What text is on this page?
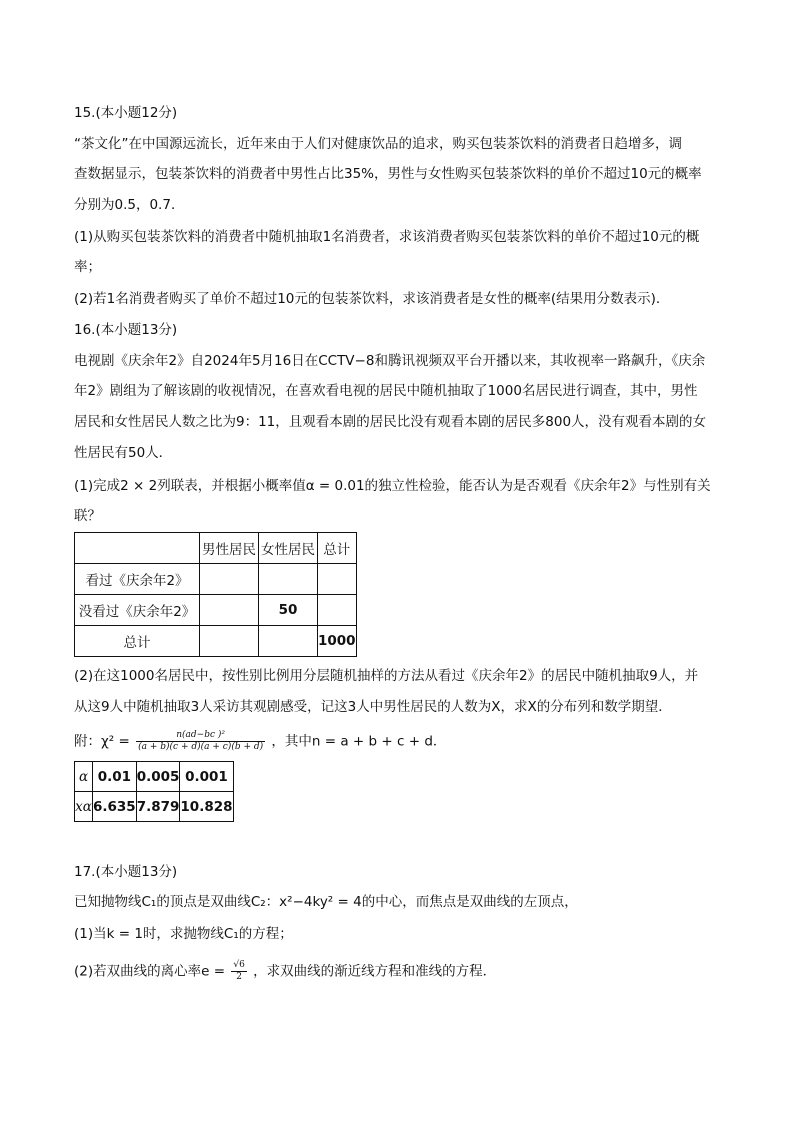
15.(本小题12分)
“茶文化”在中国源远流长，近年来由于人们对健康饮品的追求，购买包装茶饮料的消费者日趋增多，调
查数据显示，包装茶饮料的消费者中男性占比35%，男性与女性购买包装茶饮料的单价不超过10元的概率
分别为0.5，0.7．
(1)从购买包装茶饮料的消费者中随机抽取1名消费者，求该消费者购买包装茶饮料的单价不超过10元的概
率；
(2)若1名消费者购买了单价不超过10元的包装茶饮料，求该消费者是女性的概率(结果用分数表示)．
16.(本小题13分)
电视剧《庆余年2》自2024年5月16日在CCTV−8和腾讯视频双平台开播以来，其收视率一路飙升，《庆余
年2》剧组为了解该剧的收视情况，在喜欢看电视的居民中随机抽取了1000名居民进行调查，其中，男性
居民和女性居民人数之比为9：11，且观看本剧的居民比没有观看本剧的居民多800人，没有观看本剧的女
性居民有50人．
(1)完成2 × 2列联表，并根据小概率值α = 0.01的独立性检验，能否认为是否观看《庆余年2》与性别有关
联？
	男性居民	女性居民	总计
看过《庆余年2》			
没看过《庆余年2》		50	
总计			1000
(2)在这1000名居民中，按性别比例用分层随机抽样的方法从看过《庆余年2》的居民中随机抽取9人，并
从这9人中随机抽取3人采访其观剧感受，记这3人中男性居民的人数为X，求X的分布列和数学期望．
附：$\chi^2 = \frac{\text{n(ad−bc )²}}{(a + b)(c + d)(a + c)(b + d)}$ ，其中n = a + b + c + d．
α	0.01	0.005	0.001
xα	6.635	7.879	10.828
17.(本小题13分)
已知抛物线C₁的顶点是双曲线C₂：x²−4ky² = 4的中心，而焦点是双曲线的左顶点，
(1)当k = 1时，求抛物线C₁的方程；
(2)若双曲线的离心率$e = \frac{√6}{2}$ ，求双曲线的渐近线方程和准线的方程．
